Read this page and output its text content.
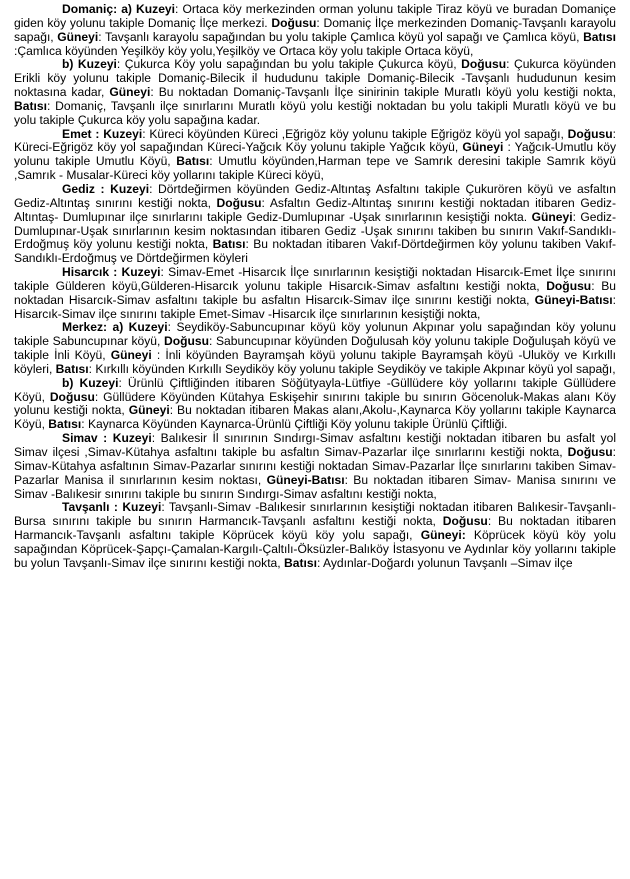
Domaniç: a) Kuzeyi: Ortaca köy merkezinden orman yolunu takiple Tiraz köyü ve buradan Domaniçe giden köy yolunu takiple Domaniç İlçe merkezi. Doğusu: Domaniç İlçe merkezinden Domaniç-Tavşanlı karayolu sapağı, Güneyi: Tavşanlı karayolu sapağından bu yolu takiple Çamlıca köyü yol sapağı ve Çamlıca köyü, Batısı :Çamlıca köyünden Yeşilköy köy yolu,Yeşilköy ve Ortaca köy yolu takiple Ortaca köyü,

b) Kuzeyi: Çukurca Köy yolu sapağından bu yolu takiple Çukurca köyü, Doğusu: Çukurca köyünden Erikli köy yolunu takiple Domaniç-Bilecik il hududunu takiple Domaniç-Bilecik -Tavşanlı hududunun kesim noktasına kadar, Güneyi: Bu noktadan Domaniç-Tavşanlı İlçe sinirinin takiple Muratlı köyü yolu kestiği nokta, Batısı: Domaniç, Tavşanlı ilçe sınırlarını Muratlı köyü yolu kestiği noktadan bu yolu takipli Muratlı köyü ve bu yolu takiple Çukurca köy yolu sapağına kadar.

Emet : Kuzeyi: Küreci köyünden Küreci ,Eğrigöz köy yolunu takiple Eğrigöz köyü yol sapağı, Doğusu: Küreci-Eğrigöz köy yol sapağından Küreci-Yağcık Köy yolunu takiple Yağcık köyü, Güneyi : Yağcık-Umutlu köy yolunu takiple Umutlu Köyü, Batısı: Umutlu köyünden,Harman tepe ve Samrık deresini takiple Samrık köyü ,Samrık - Musalar-Küreci köy yollarını takiple Küreci köyü,

Gediz : Kuzeyi: Dörtdeğirmen köyünden Gediz-Altıntaş Asfaltını takiple Çukurören köyü ve asfaltın Gediz-Altıntaş sınırını kestiği nokta, Doğusu: Asfaltın Gediz-Altıntaş sınırını kestiği noktadan itibaren Gediz-Altıntaş- Dumlupınar ilçe sınırlarını takiple Gediz-Dumlupınar -Uşak sınırlarının kesiştiği nokta. Güneyi: Gediz-Dumlupınar-Uşak sınırlarının kesim noktasından itibaren Gediz -Uşak sınırını takiben bu sınırın Vakıf-Sandıklı- Erdoğmuş köy yolunu kestiği nokta, Batısı: Bu noktadan itibaren Vakıf-Dörtdeğirmen köy yolunu takiben Vakıf-Sandıklı-Erdoğmuş ve Dörtdeğirmen köyleri

Hisarcık : Kuzeyi: Simav-Emet -Hisarcık İlçe sınırlarının kesiştiği noktadan Hisarcık-Emet İlçe sınırını takiple Gülderen köyü,Gülderen-Hisarcık yolunu takiple Hisarcık-Simav asfaltını kestiği nokta, Doğusu: Bu noktadan Hisarcık-Simav asfaltını takiple bu asfaltın Hisarcık-Simav ilçe sınırını kestiği nokta, Güneyi-Batısı: Hisarcık-Simav ilçe sınırını takiple Emet-Simav -Hisarcık ilçe sınırlarının kesiştiği nokta,

Merkez: a) Kuzeyi: Seydiköy-Sabuncupınar köyü köy yolunun Akpınar yolu sapağından köy yolunu takiple Sabuncupınar köyü, Doğusu: Sabuncupınar köyünden Doğulusah köy yolunu takiple Doğuluşah köyü ve takiple İnli Köyü, Güneyi : İnli köyünden Bayramşah köyü yolunu takiple Bayramşah köyü -Uluköy ve Kırkıllı köyleri, Batısı: Kırkıllı köyünden Kırkıllı Seydiköy köy yolunu takiple Seydiköy ve takiple Akpınar köyü yol sapağı,

b) Kuzeyi: Ürünlü Çiftliğinden itibaren Söğütyayla-Lütfiye -Güllüdere köy yollarını takiple Güllüdere Köyü, Doğusu: Güllüdere Köyünden Kütahya Eskişehir sınırını takiple bu sınırın Göcenoluk-Makas alanı Köy yolunu kestiği nokta, Güneyi: Bu noktadan itibaren Makas alanı,Akolu-,Kaynarca Köy yollarını takiple Kaynarca Köyü, Batısı: Kaynarca Köyünden Kaynarca-Ürünlü Çiftliği Köy yolunu takiple Ürünlü Çiftliği.

Simav : Kuzeyi: Balıkesir İl sınırının Sındırgı-Simav asfaltını kestiği noktadan itibaren bu asfalt yol Simav ilçesi ,Simav-Kütahya asfaltını takiple bu asfaltın Simav-Pazarlar ilçe sınırlarını kestiği nokta, Doğusu: Simav-Kütahya asfaltının Simav-Pazarlar sınırını kestiği noktadan Simav-Pazarlar İlçe sınırlarını takiben Simav-Pazarlar Manisa il sınırlarının kesim noktası, Güneyi-Batısı: Bu noktadan itibaren Simav- Manisa sınırını ve Simav -Balıkesir sınırını takiple bu sınırın Sındırgı-Simav asfaltını kestiği nokta,

Tavşanlı : Kuzeyi: Tavşanlı-Simav -Balıkesir sınırlarının kesiştiği noktadan itibaren Balıkesir-Tavşanlı-Bursa sınırını takiple bu sınırın Harmancık-Tavşanlı asfaltını kestiği nokta, Doğusu: Bu noktadan itibaren Harmancık-Tavşanlı asfaltını takiple Köprücek köyü köy yolu sapağı, Güneyi: Köprücek köyü köy yolu sapağından Köprücek-Şapçı-Çamalan-Kargılı-Çaltılı-Öksüzler-Balıköy İstasyonu ve Aydınlar köy yollarını takiple bu yolun Tavşanlı-Simav ilçe sınırını kestiği nokta, Batısı: Aydınlar-Doğardı yolunun Tavşanlı –Simav ilçe
